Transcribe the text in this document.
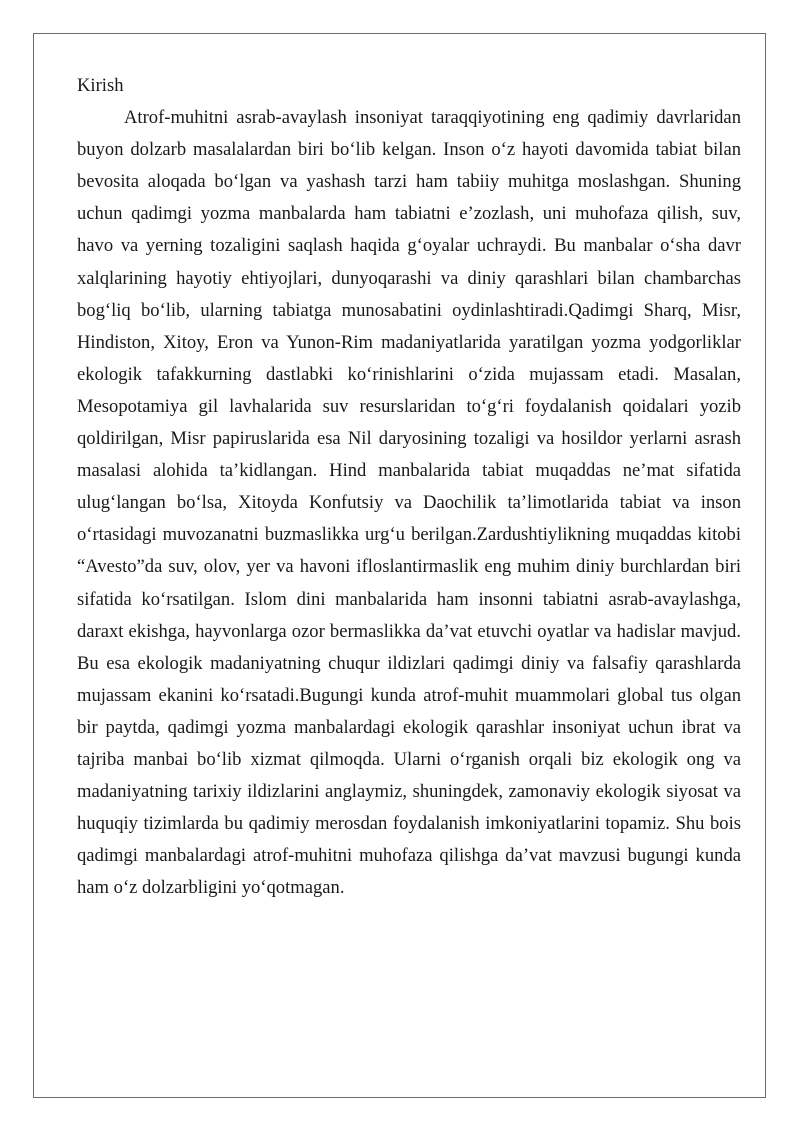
Kirish

Atrof-muhitni asrab-avaylash insoniyat taraqqiyotining eng qadimiy davrlaridan buyon dolzarb masalalardan biri bo‘lib kelgan. Inson o‘z hayoti davomida tabiat bilan bevosita aloqada bo‘lgan va yashash tarzi ham tabiiy muhitga moslashgan. Shuning uchun qadimgi yozma manbalarda ham tabiatni e’zozlash, uni muhofaza qilish, suv, havo va yerning tozaligini saqlash haqida g‘oyalar uchraydi. Bu manbalar o‘sha davr xalqlarining hayotiy ehtiyojlari, dunyoqarashi va diniy qarashlari bilan chambarchas bog‘liq bo‘lib, ularning tabiatga munosabatini oydinlashtiradi.Qadimgi Sharq, Misr, Hindiston, Xitoy, Eron va Yunon-Rim madaniyatlarida yaratilgan yozma yodgorliklar ekologik tafakkurning dastlabki ko‘rinishlarini o‘zida mujassam etadi. Masalan, Mesopotamiya gil lavhalarida suv resurslaridan to‘g‘ri foydalanish qoidalari yozib qoldirilgan, Misr papiruslarida esa Nil daryosining tozaligi va hosildor yerlarni asrash masalasi alohida ta’kidlangan. Hind manbalarida tabiat muqaddas ne’mat sifatida ulug‘langan bo‘lsa, Xitoyda Konfutsiy va Daochilik ta’limotlarida tabiat va inson o‘rtasidagi muvozanatni buzmaslikka urg‘u berilgan.Zardushtiylikning muqaddas kitobi “Avesto”da suv, olov, yer va havoni ifloslantirmaslik eng muhim diniy burchlardan biri sifatida ko‘rsatilgan. Islom dini manbalarida ham insonni tabiatni asrab-avaylashga, daraxt ekishga, hayvonlarga ozor bermaslikka da’vat etuvchi oyatlar va hadislar mavjud. Bu esa ekologik madaniyatning chuqur ildizlari qadimgi diniy va falsafiy qarashlarda mujassam ekanini ko‘rsatadi.Bugungi kunda atrof-muhit muammolari global tus olgan bir paytda, qadimgi yozma manbalardagi ekologik qarashlar insoniyat uchun ibrat va tajriba manbai bo‘lib xizmat qilmoqda. Ularni o‘rganish orqali biz ekologik ong va madaniyatning tarixiy ildizlarini anglaymiz, shuningdek, zamonaviy ekologik siyosat va huquqiy tizimlarda bu qadimiy merosdan foydalanish imkoniyatlarini topamiz. Shu bois qadimgi manbalardagi atrof-muhitni muhofaza qilishga da’vat mavzusi bugungi kunda ham o‘z dolzarbligini yo‘qotmagan.
